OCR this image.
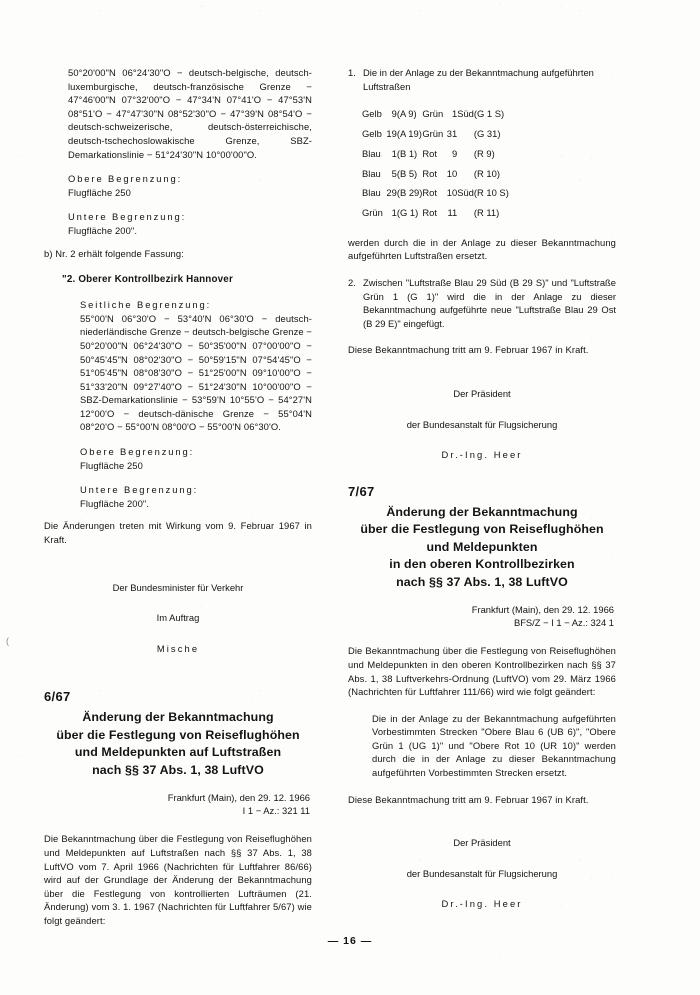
(
50°20'00"N 06°24'30"O − deutsch-belgische, deutsch-luxemburgische, deutsch-französische Grenze − 47°46'00"N 07°32'00"O − 47°34'N 07°41'O − 47°53'N 08°51'O − 47°47'30"N 08°52'30"O − 47°39'N 08°54'O − deutsch-schweizerische, deutsch-österreichische, deutsch-tschechoslowakische Grenze, SBZ-Demarkationslinie − 51°24'30"N 10°00'00"O.
Obere Begrenzung:
Flugfläche 250
Untere Begrenzung:
Flugfläche 200".
b) Nr. 2 erhält folgende Fassung:
"2. Oberer Kontrollbezirk Hannover
Seitliche Begrenzung:
55°00'N 06°30'O − 53°40'N 06°30'O − deutsch-niederländische Grenze − deutsch-belgische Grenze − 50°20'00"N 06°24'30"O − 50°35'00"N 07°00'00"O − 50°45'45"N 08°02'30"O − 50°59'15"N 07°54'45"O − 51°05'45"N 08°08'30"O − 51°25'00"N 09°10'00"O − 51°33'20"N 09°27'40"O − 51°24'30"N 10°00'00"O − SBZ-Demarkationslinie − 53°59'N 10°55'O − 54°27'N 12°00'O − deutsch-dänische Grenze − 55°04'N 08°20'O − 55°00'N 08°00'O − 55°00'N 06°30'O.
Obere Begrenzung:
Flugfläche 250
Untere Begrenzung:
Flugfläche 200".
Die Änderungen treten mit Wirkung vom 9. Februar 1967 in Kraft.
Der Bundesminister für Verkehr
Im Auftrag
Mische
6/67
Änderung der Bekanntmachung
über die Festlegung von Reiseflughöhen
und Meldepunkten auf Luftstraßen
nach §§ 37 Abs. 1, 38 LuftVO
Frankfurt (Main), den 29. 12. 1966
I 1 − Az.: 321 11
Die Bekanntmachung über die Festlegung von Reiseflughöhen und Meldepunkten auf Luftstraßen nach §§ 37 Abs. 1, 38 LuftVO vom 7. April 1966 (Nachrichten für Luftfahrer 86/66) wird auf der Grundlage der Änderung der Bekanntmachung über die Festlegung von kontrollierten Lufträumen (21. Änderung) vom 3. 1. 1967 (Nachrichten für Luftfahrer 5/67) wie folgt geändert:
1. Die in der Anlage zu der Bekanntmachung aufgeführten Luftstraßen
Gelb	9	(A 9)	Grün	1	Süd	(G 1 S)
Gelb	19	(A 19)	Grün	31		(G 31)
Blau	1	(B 1)	Rot	9		(R 9)
Blau	5	(B 5)	Rot	10		(R 10)
Blau	29	(B 29)	Rot	10	Süd	(R 10 S)
Grün	1	(G 1)	Rot	11		(R 11)
werden durch die in der Anlage zu dieser Bekanntmachung aufgeführten Luftstraßen ersetzt.
2. Zwischen "Luftstraße Blau 29 Süd (B 29 S)" und "Luftstraße Grün 1 (G 1)" wird die in der Anlage zu dieser Bekanntmachung aufgeführte neue "Luftstraße Blau 29 Ost (B 29 E)" eingefügt.
Diese Bekanntmachung tritt am 9. Februar 1967 in Kraft.
Der Präsident
der Bundesanstalt für Flugsicherung
Dr.-Ing. Heer
7/67
Änderung der Bekanntmachung
über die Festlegung von Reiseflughöhen
und Meldepunkten
in den oberen Kontrollbezirken
nach §§ 37 Abs. 1, 38 LuftVO
Frankfurt (Main), den 29. 12. 1966
BFS/Z − I 1 − Az.: 324 1
Die Bekanntmachung über die Festlegung von Reiseflughöhen und Meldepunkten in den oberen Kontrollbezirken nach §§ 37 Abs. 1, 38 Luftverkehrs-Ordnung (LuftVO) vom 29. März 1966 (Nachrichten für Luftfahrer 111/66) wird wie folgt geändert:
Die in der Anlage zu der Bekanntmachung aufgeführten Vorbestimmten Strecken "Obere Blau 6 (UB 6)", "Obere Grün 1 (UG 1)" und "Obere Rot 10 (UR 10)" werden durch die in der Anlage zu dieser Bekanntmachung aufgeführten Vorbestimmten Strecken ersetzt.
Diese Bekanntmachung tritt am 9. Februar 1967 in Kraft.
Der Präsident
der Bundesanstalt für Flugsicherung
Dr.-Ing. Heer
— 16 —
